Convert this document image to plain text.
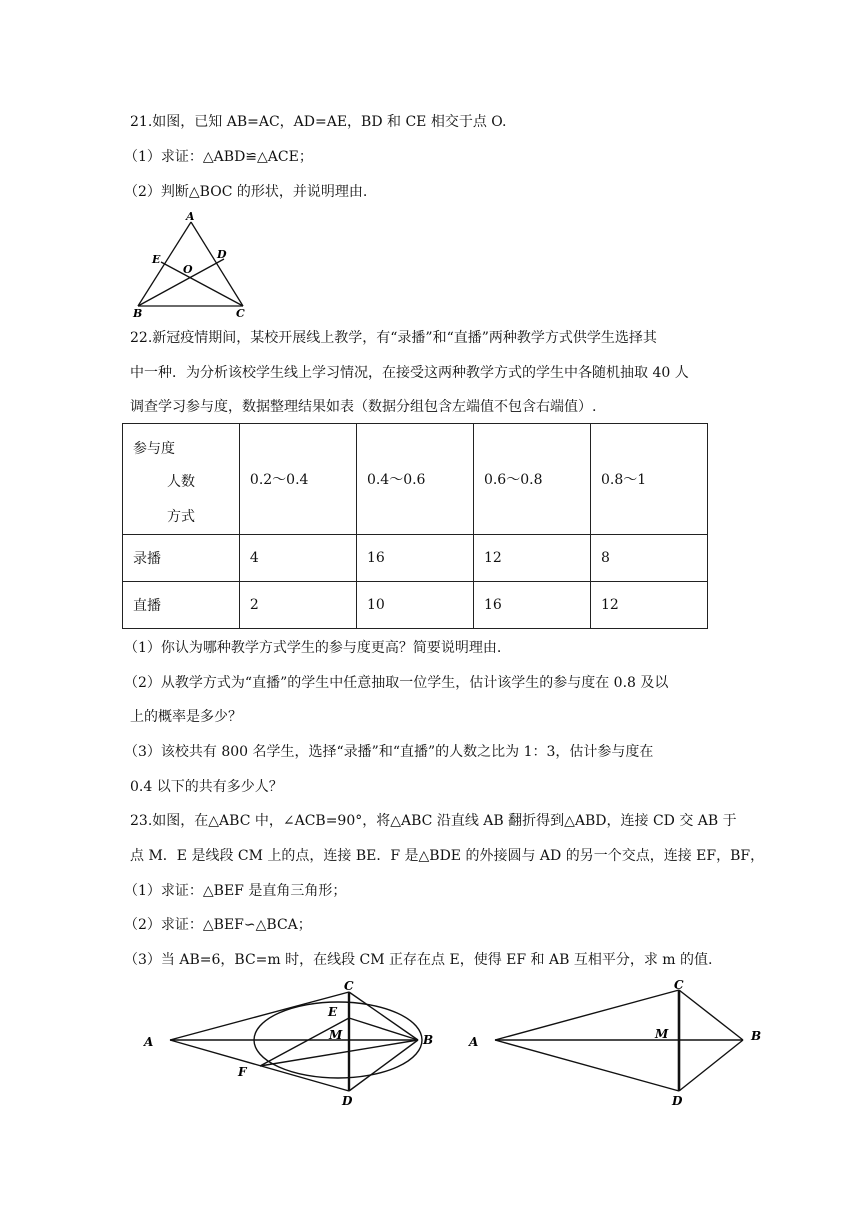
21.如图，已知 AB=AC，AD=AE，BD 和 CE 相交于点 O.
（1）求证：△ABD≌△ACE；
（2）判断△BOC 的形状，并说明理由.
A
E	D
O
B	C
22.新冠疫情期间，某校开展线上教学，有“录播”和“直播”两种教学方式供学生选择其
中一种．为分析该校学生线上学习情况，在接受这两种教学方式的学生中各随机抽取 40 人
调查学习参与度，数据整理结果如表（数据分组包含左端值不包含右端值）.
参与度
人数
方式	0.2～0.4	0.4～0.6	0.6～0.8	0.8～1
录播	4	16	12	8
直播	2	10	16	12
（1）你认为哪种教学方式学生的参与度更高？简要说明理由.
（2）从教学方式为“直播”的学生中任意抽取一位学生，估计该学生的参与度在 0.8 及以
上的概率是多少？
（3）该校共有 800 名学生，选择“录播”和“直播”的人数之比为 1：3，估计参与度在
0.4 以下的共有多少人？
23.如图，在△ABC 中，∠ACB=90°，将△ABC 沿直线 AB 翻折得到△ABD，连接 CD 交 AB 于
点 M．E 是线段 CM 上的点，连接 BE．F 是△BDE 的外接圆与 AD 的另一个交点，连接 EF，BF，
（1）求证：△BEF 是直角三角形；
（2）求证：△BEF∽△BCA；
（3）当 AB=6，BC=m 时，在线段 CM 正存在点 E，使得 EF 和 AB 互相平分，求 m 的值.
A
C
E
M	B
F
D
A
C
M	B
D
